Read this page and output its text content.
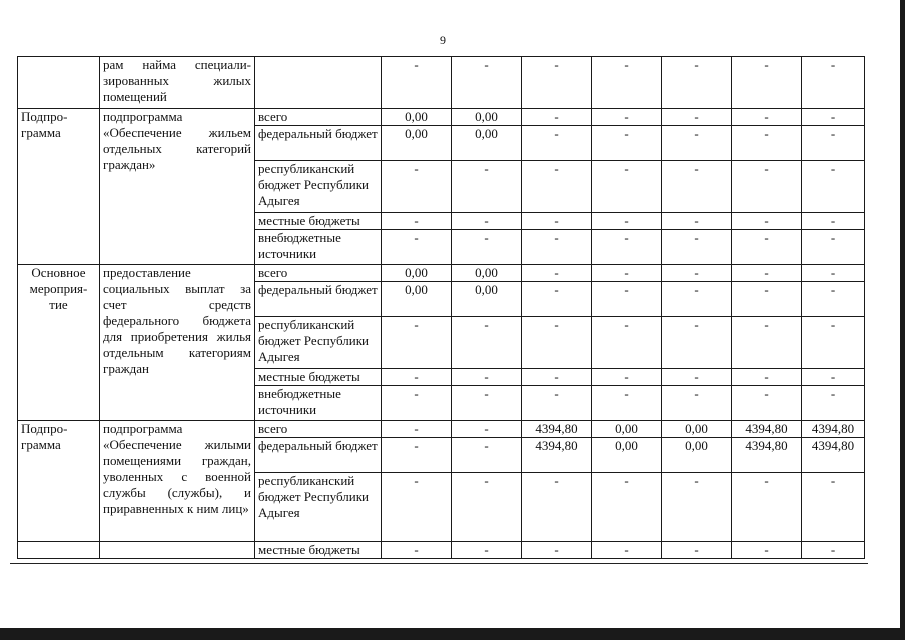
9
	рам найма специали-зированных жилых помещений		-	-	-	-	-	-	-
Подпро-грамма	подпрограмма «Обеспечение жильем отдельных категорий граждан»	всего	0,00	0,00	-	-	-	-	-
		федеральный бюджет	0,00	0,00	-	-	-	-	-
		республиканский бюджет Республики Адыгея	-	-	-	-	-	-	-
		местные бюджеты	-	-	-	-	-	-	-
		внебюджетные источники	-	-	-	-	-	-	-
Основное мероприя-тие	предоставление социальных выплат за счет средств федерального бюджета для приобретения жилья отдельным категориям граждан	всего	0,00	0,00	-	-	-	-	-
		федеральный бюджет	0,00	0,00	-	-	-	-	-
		республиканский бюджет Республики Адыгея	-	-	-	-	-	-	-
		местные бюджеты	-	-	-	-	-	-	-
		внебюджетные источники	-	-	-	-	-	-	-
Подпро-грамма	подпрограмма «Обеспечение жилыми помещениями граждан, уволенных с военной службы (службы), и приравненных к ним лиц»	всего	-	-	4394,80	0,00	0,00	4394,80	4394,80
		федеральный бюджет	-	-	4394,80	0,00	0,00	4394,80	4394,80
		республиканский бюджет Республики Адыгея	-	-	-	-	-	-	-
		местные бюджеты	-	-	-	-	-	-	-
